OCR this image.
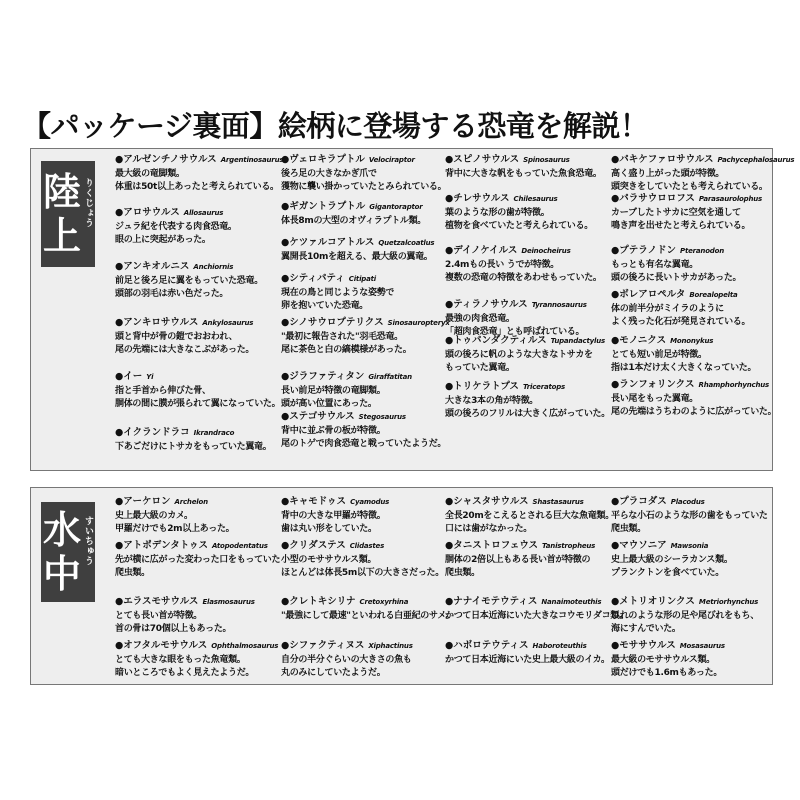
【パッケージ裏面】絵柄に登場する恐竜を解説！
陸上
りくじょう
●アルゼンチノサウルス Argentinosaurus
最大級の竜脚類。
体重は50t以上あったと考えられている。
●アロサウルス Allosaurus
ジュラ紀を代表する肉食恐竜。
眼の上に突起があった。
●アンキオルニス Anchiornis
前足と後ろ足に翼をもっていた恐竜。
頭部の羽毛は赤い色だった。
●アンキロサウルス Ankylosaurus
頭と背中が骨の鎧でおおわれ、
尾の先端には大きなこぶがあった。
●イー Yi
指と手首から伸びた骨、
胴体の間に膜が張られて翼になっていた。
●イクランドラコ Ikrandraco
下あごだけにトサカをもっていた翼竜。
●ヴェロキラプトル Velociraptor
後ろ足の大きなかぎ爪で
獲物に襲い掛かっていたとみられている。
●ギガントラプトル Gigantoraptor
体長8mの大型のオヴィラプトル類。
●ケツァルコアトルス Quetzalcoatlus
翼開長10mを超える、最大級の翼竜。
●シティパティ Citipati
現在の鳥と同じような姿勢で
卵を抱いていた恐竜。
●シノサウロプテリクス Sinosauropteryx
"最初に報告された"羽毛恐竜。
尾に茶色と白の縞模様があった。
●ジラファティタン Giraffatitan
長い前足が特徴の竜脚類。
頭が高い位置にあった。
●ステゴサウルス Stegosaurus
背中に並ぶ骨の板が特徴。
尾のトゲで肉食恐竜と戦っていたようだ。
●スピノサウルス Spinosaurus
背中に大きな帆をもっていた魚食恐竜。
●チレサウルス Chilesaurus
葉のような形の歯が特徴。
植物を食べていたと考えられている。
●デイノケイルス Deinocheirus
2.4mもの長い うでが特徴。
複数の恐竜の特徴をあわせもっていた。
●ティラノサウルス Tyrannosaurus
最強の肉食恐竜。
「超肉食恐竜」とも呼ばれている。
●トゥパンダクティルス Tupandactylus
頭の後ろに帆のような大きなトサカを
もっていた翼竜。
●トリケラトプス Triceratops
大きな3本の角が特徴。
頭の後ろのフリルは大きく広がっていた。
●パキケファロサウルス Pachycephalosaurus
高く盛り上がった頭が特徴。
頭突きをしていたとも考えられている。
●パラサウロロフス Parasaurolophus
カーブしたトサカに空気を通して
鳴き声を出せたと考えられている。
●プテラノドン Pteranodon
もっとも有名な翼竜。
頭の後ろに長いトサカがあった。
●ボレアロペルタ Borealopelta
体の前半分がミイラのように
よく残った化石が発見されている。
●モノニクス Mononykus
とても短い前足が特徴。
指は1本だけ太く大きくなっていた。
●ランフォリンクス Rhamphorhynchus
長い尾をもった翼竜。
尾の先端はうちわのように広がっていた。
水中
すいちゅう
●アーケロン Archelon
史上最大級のカメ。
甲羅だけでも2m以上あった。
●アトポデンタトゥス Atopodentatus
先が横に広がった変わった口をもっていた
爬虫類。
●エラスモサウルス Elasmosaurus
とても長い首が特徴。
首の骨は70個以上もあった。
●オフタルモサウルス Ophthalmosaurus
とても大きな眼をもった魚竜類。
暗いところでもよく見えたようだ。
●キャモドゥス Cyamodus
背中の大きな甲羅が特徴。
歯は丸い形をしていた。
●クリダステス Clidastes
小型のモササウルス類。
ほとんどは体長5m以下の大きさだった。
●クレトキシリナ Cretoxyrhina
"最強にして最速"といわれる白亜紀のサメ。
●シファクティヌス Xiphactinus
自分の半分ぐらいの大きさの魚も
丸のみにしていたようだ。
●シャスタサウルス Shastasaurus
全長20mをこえるとされる巨大な魚竜類。
口には歯がなかった。
●タニストロフェウス Tanistropheus
胴体の2倍以上もある長い首が特徴の
爬虫類。
●ナナイモテウティス Nanaimoteuthis
かつて日本近海にいた大きなコウモリダコ類。
●ハボロテウティス Haboroteuthis
かつて日本近海にいた史上最大級のイカ。
●プラコダス Placodus
平らな小石のような形の歯をもっていた
爬虫類。
●マウソニア Mawsonia
史上最大級のシーラカンス類。
プランクトンを食べていた。
●メトリオリンクス Metriorhynchus
ひれのような形の足や尾びれをもち、
海にすんでいた。
●モササウルス Mosasaurus
最大級のモササウルス類。
頭だけでも1.6mもあった。
